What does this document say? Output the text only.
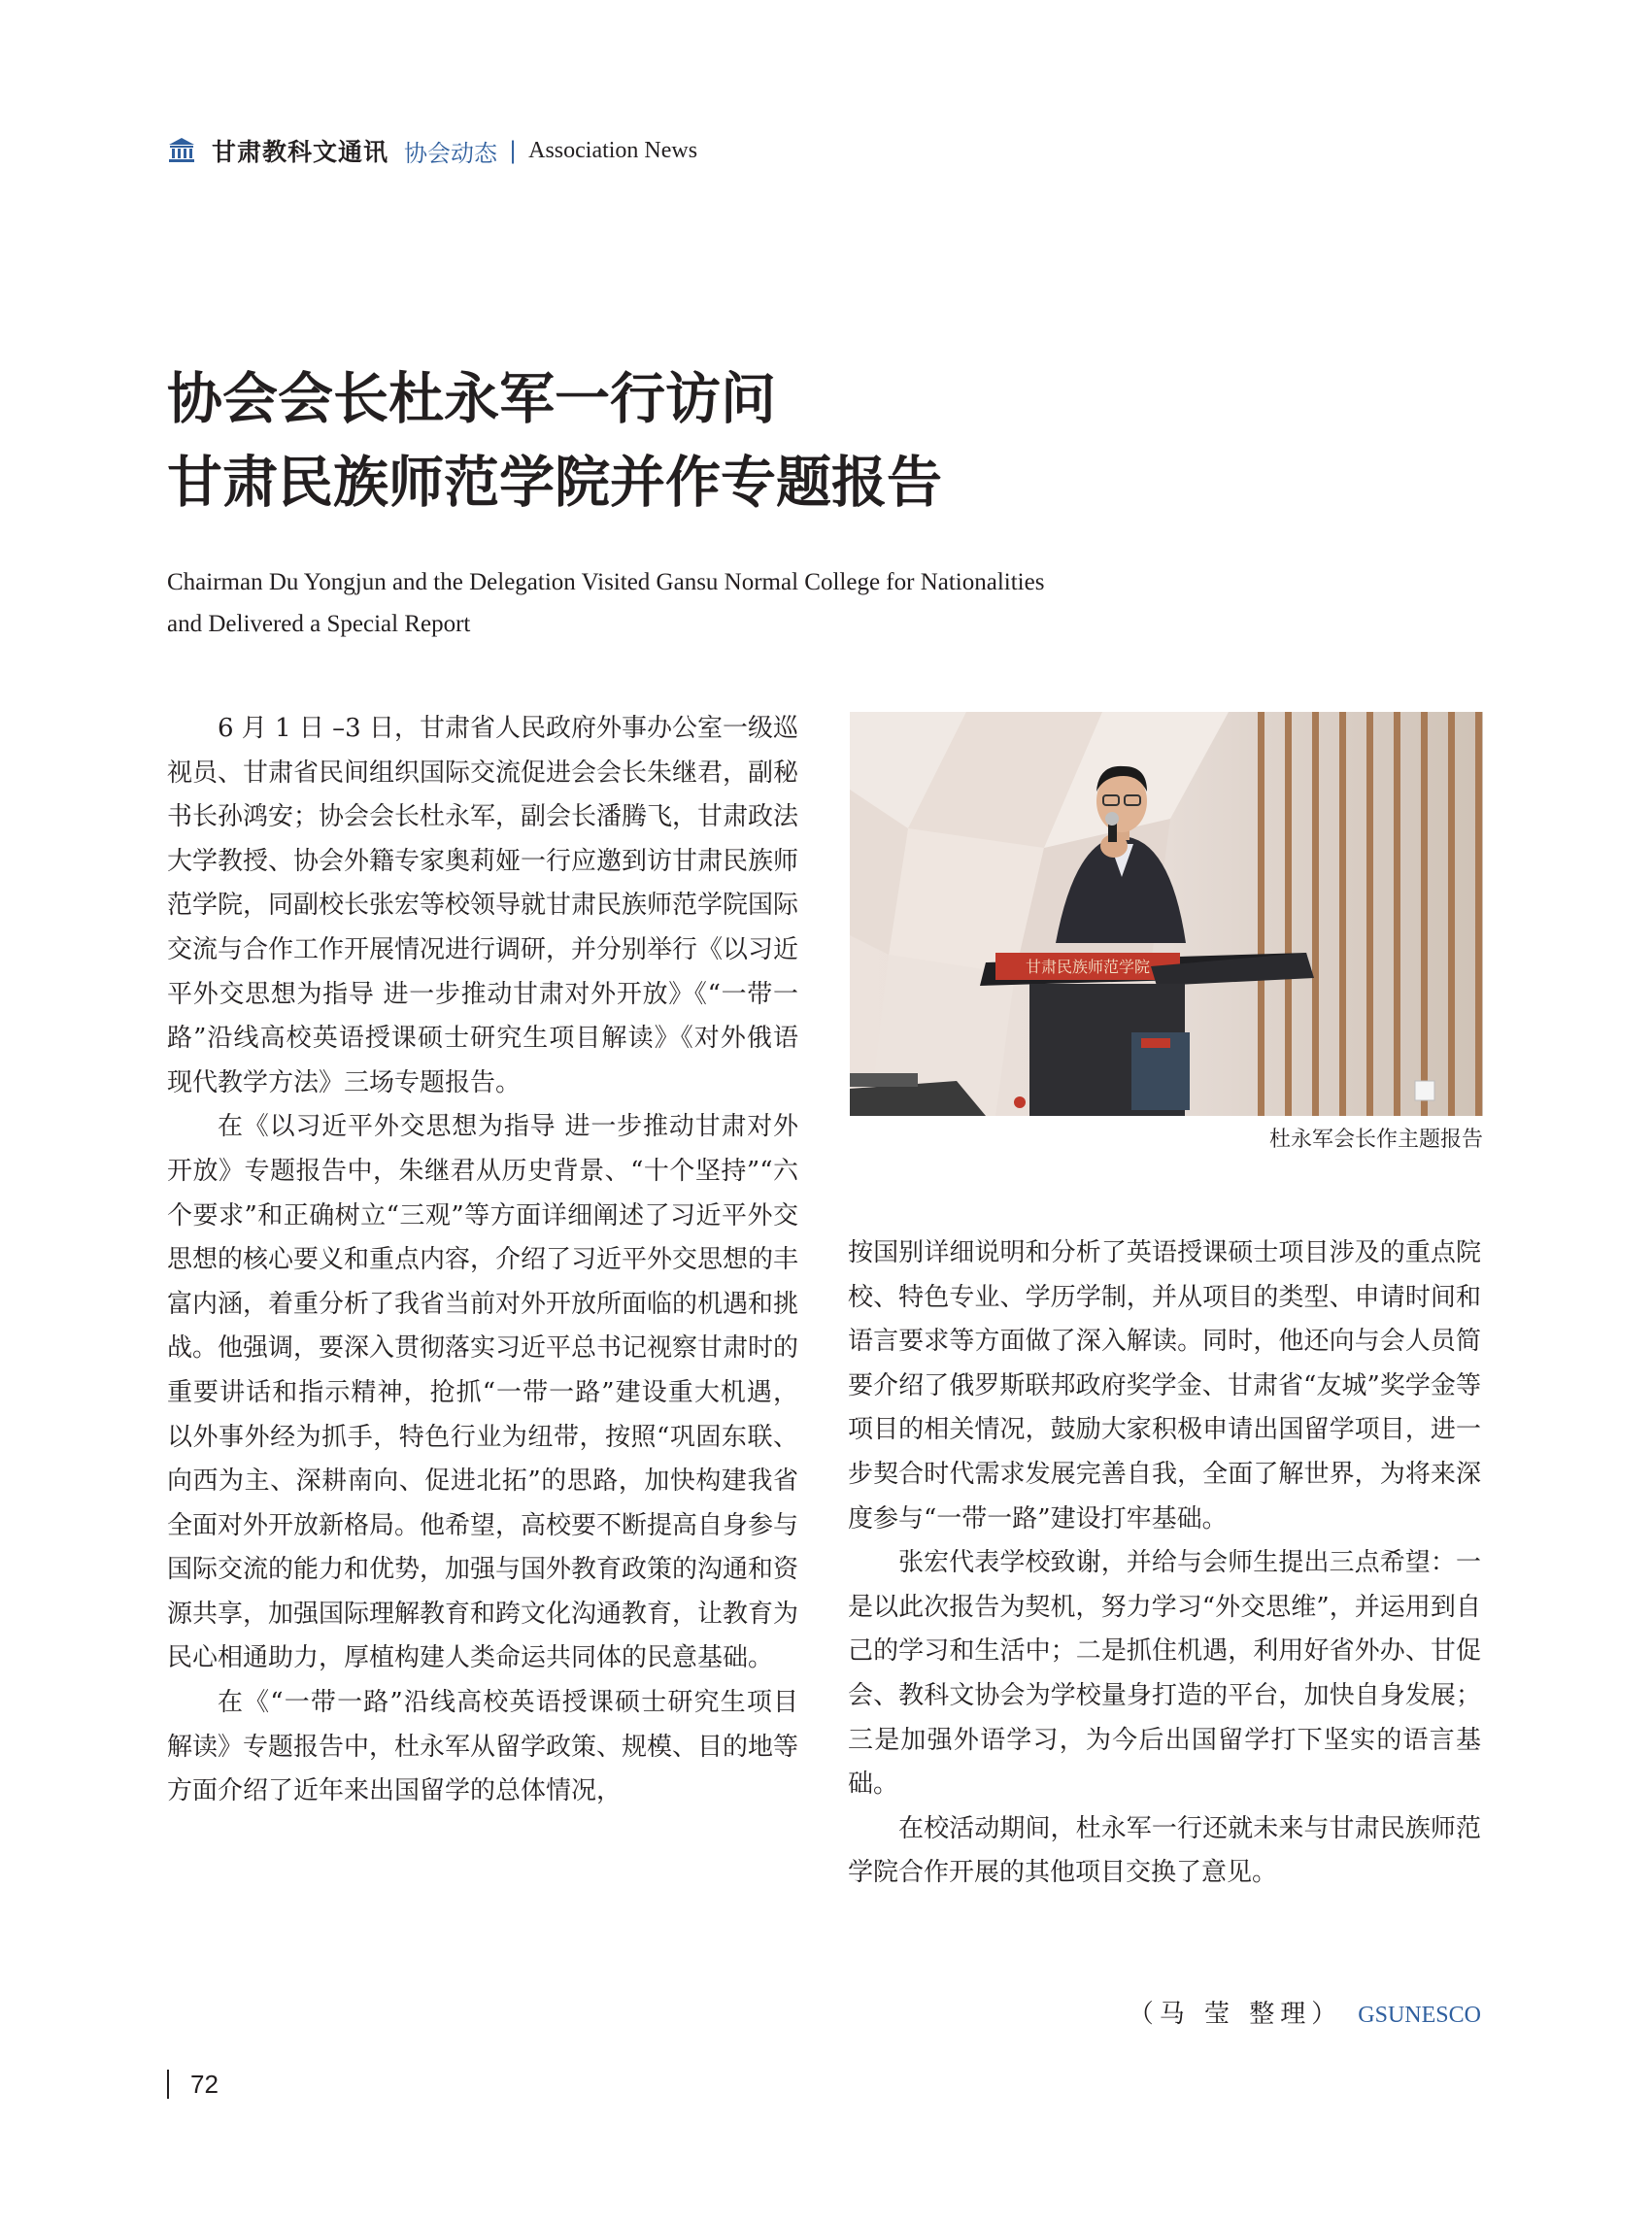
甘肃教科文通讯 协会动态 | Association News
协会会长杜永军一行访问
甘肃民族师范学院并作专题报告
Chairman Du Yongjun and the Delegation Visited Gansu Normal College for Nationalities
and Delivered a Special Report

6 月 1 日 –3 日，甘肃省人民政府外事办公室一级巡视员、甘肃省民间组织国际交流促进会会长朱继君，副秘书长孙鸿安；协会会长杜永军，副会长潘腾飞，甘肃政法大学教授、协会外籍专家奥莉娅一行应邀到访甘肃民族师范学院，同副校长张宏等校领导就甘肃民族师范学院国际交流与合作工作开展情况进行调研，并分别举行《以习近平外交思想为指导 进一步推动甘肃对外开放》《“一带一路”沿线高校英语授课硕士研究生项目解读》《对外俄语现代教学方法》三场专题报告。

在《以习近平外交思想为指导 进一步推动甘肃对外开放》专题报告中，朱继君从历史背景、“十个坚持”“六个要求”和正确树立“三观”等方面详细阐述了习近平外交思想的核心要义和重点内容，介绍了习近平外交思想的丰富内涵，着重分析了我省当前对外开放所面临的机遇和挑战。他强调，要深入贯彻落实习近平总书记视察甘肃时的重要讲话和指示精神，抢抓“一带一路”建设重大机遇，以外事外经为抓手，特色行业为纽带，按照“巩固东联、向西为主、深耕南向、促进北拓”的思路，加快构建我省全面对外开放新格局。他希望，高校要不断提高自身参与国际交流的能力和优势，加强与国外教育政策的沟通和资源共享，加强国际理解教育和跨文化沟通教育，让教育为民心相通助力，厚植构建人类命运共同体的民意基础。

在《“一带一路”沿线高校英语授课硕士研究生项目解读》专题报告中，杜永军从留学政策、规模、目的地等方面介绍了近年来出国留学的总体情况，

甘肃民族师范学院
杜永军会长作主题报告

按国别详细说明和分析了英语授课硕士项目涉及的重点院校、特色专业、学历学制，并从项目的类型、申请时间和语言要求等方面做了深入解读。同时，他还向与会人员简要介绍了俄罗斯联邦政府奖学金、甘肃省“友城”奖学金等项目的相关情况，鼓励大家积极申请出国留学项目，进一步契合时代需求发展完善自我，全面了解世界，为将来深度参与“一带一路”建设打牢基础。

张宏代表学校致谢，并给与会师生提出三点希望：一是以此次报告为契机，努力学习“外交思维”，并运用到自己的学习和生活中；二是抓住机遇，利用好省外办、甘促会、教科文协会为学校量身打造的平台，加快自身发展；三是加强外语学习，为今后出国留学打下坚实的语言基础。

在校活动期间，杜永军一行还就未来与甘肃民族师范学院合作开展的其他项目交换了意见。

（马 莹 整理） GSUNESCO
72
